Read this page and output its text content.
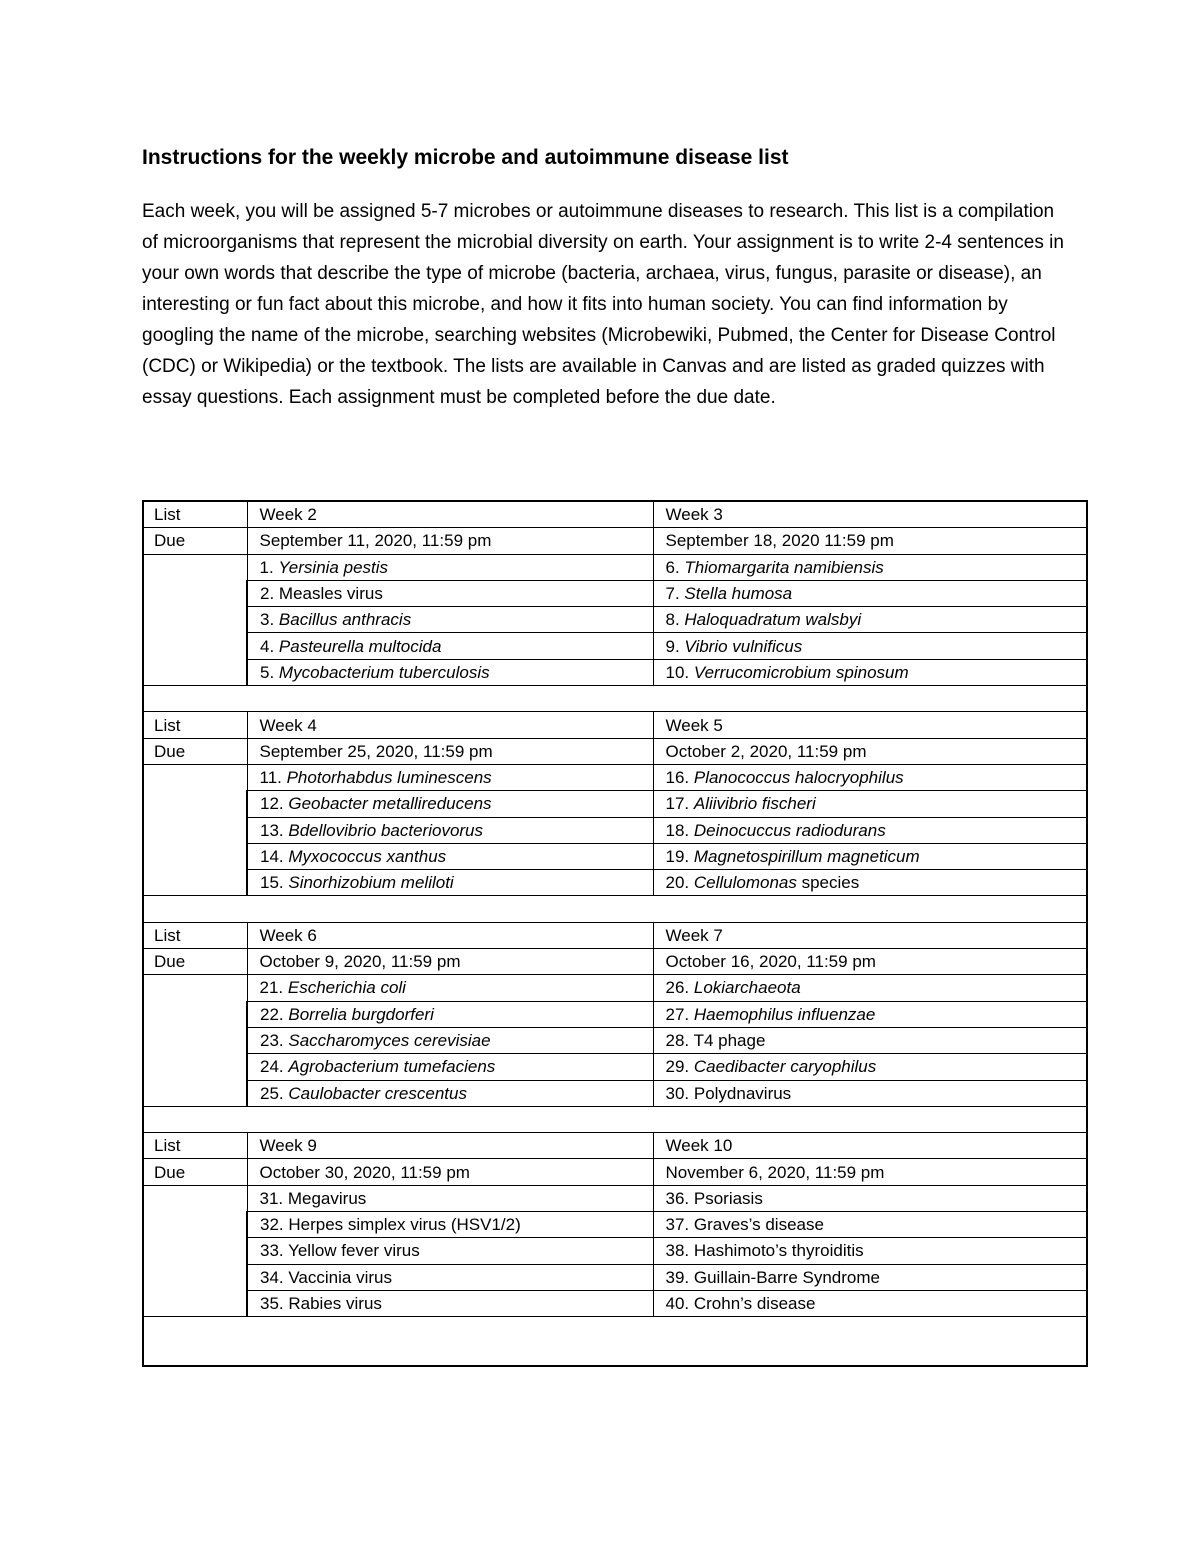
Instructions for the weekly microbe and autoimmune disease list

Each week, you will be assigned 5-7 microbes or autoimmune diseases to research. This list is a compilation of microorganisms that represent the microbial diversity on earth. Your assignment is to write 2-4 sentences in your own words that describe the type of microbe (bacteria, archaea, virus, fungus, parasite or disease), an interesting or fun fact about this microbe, and how it fits into human society. You can find information by googling the name of the microbe, searching websites (Microbewiki, Pubmed, the Center for Disease Control (CDC) or Wikipedia) or the textbook. The lists are available in Canvas and are listed as graded quizzes with essay questions. Each assignment must be completed before the due date.

List	Week 2	Week 3
Due	September 11, 2020, 11:59 pm	September 18, 2020 11:59 pm
	1. Yersinia pestis	6. Thiomargarita namibiensis
	2. Measles virus	7. Stella humosa
	3. Bacillus anthracis	8. Haloquadratum walsbyi
	4. Pasteurella multocida	9. Vibrio vulnificus
	5. Mycobacterium tuberculosis	10. Verrucomicrobium spinosum

List	Week 4	Week 5
Due	September 25, 2020, 11:59 pm	October 2, 2020, 11:59 pm
	11. Photorhabdus luminescens	16. Planococcus halocryophilus
	12. Geobacter metallireducens	17. Aliivibrio fischeri
	13. Bdellovibrio bacteriovorus	18. Deinocuccus radiodurans
	14. Myxococcus xanthus	19. Magnetospirillum magneticum
	15. Sinorhizobium meliloti	20. Cellulomonas species

List	Week 6	Week 7
Due	October 9, 2020, 11:59 pm	October 16, 2020, 11:59 pm
	21. Escherichia coli	26. Lokiarchaeota
	22. Borrelia burgdorferi	27. Haemophilus influenzae
	23. Saccharomyces cerevisiae	28. T4 phage
	24. Agrobacterium tumefaciens	29. Caedibacter caryophilus
	25. Caulobacter crescentus	30. Polydnavirus

List	Week 9	Week 10
Due	October 30, 2020, 11:59 pm	November 6, 2020, 11:59 pm
	31. Megavirus	36. Psoriasis
	32. Herpes simplex virus (HSV1/2)	37. Graves’s disease
	33. Yellow fever virus	38. Hashimoto’s thyroiditis
	34. Vaccinia virus	39. Guillain-Barre Syndrome
	35. Rabies virus	40. Crohn’s disease
